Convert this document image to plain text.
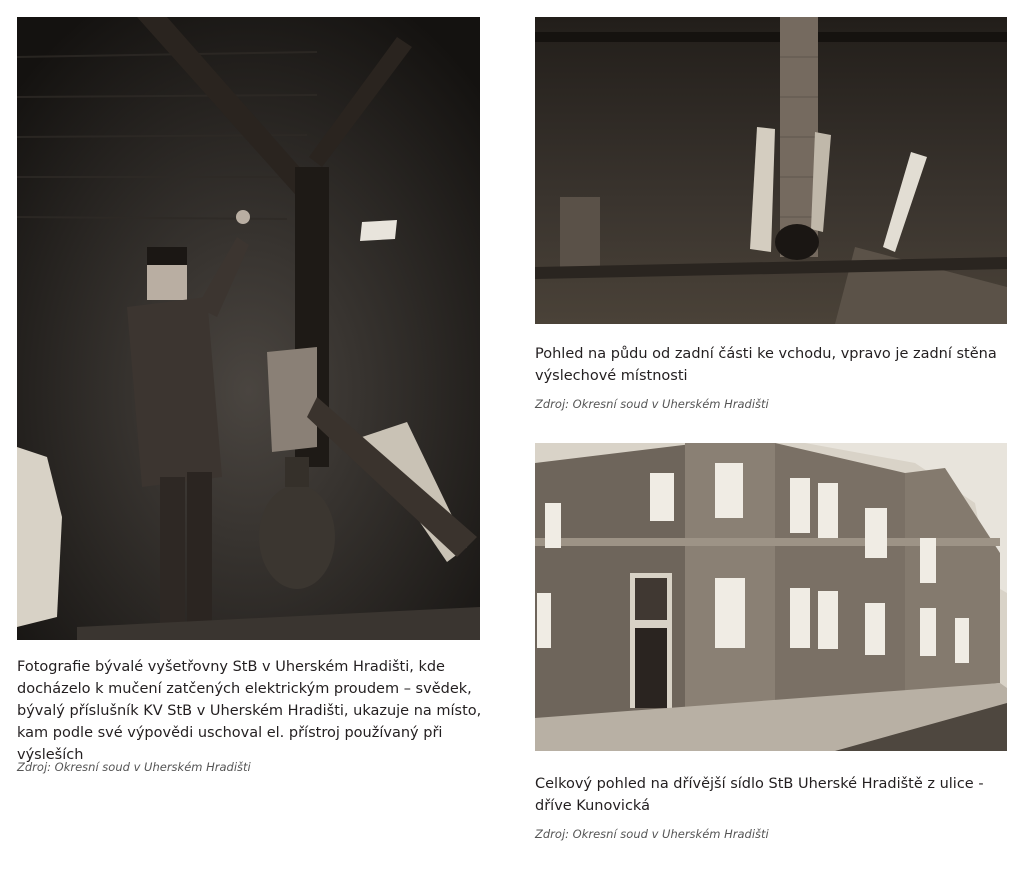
Fotografie bývalé vyšetřovny StB v Uherském Hradišti, kde docházelo k mučení zatčených elektrickým proudem – svědek, bývalý příslušník KV StB v Uherském Hradišti, ukazuje na místo, kam podle své výpovědi uschoval el. přístroj používaný při výsleších

Zdroj: Okresní soud v Uherském Hradišti

Pohled na půdu od zadní části ke vchodu, vpravo je zadní stěna výslechové místnosti

Zdroj: Okresní soud v Uherském Hradišti

Celkový pohled na dřívější sídlo StB Uherské Hradiště z ulice - dříve Kunovická

Zdroj: Okresní soud v Uherském Hradišti
